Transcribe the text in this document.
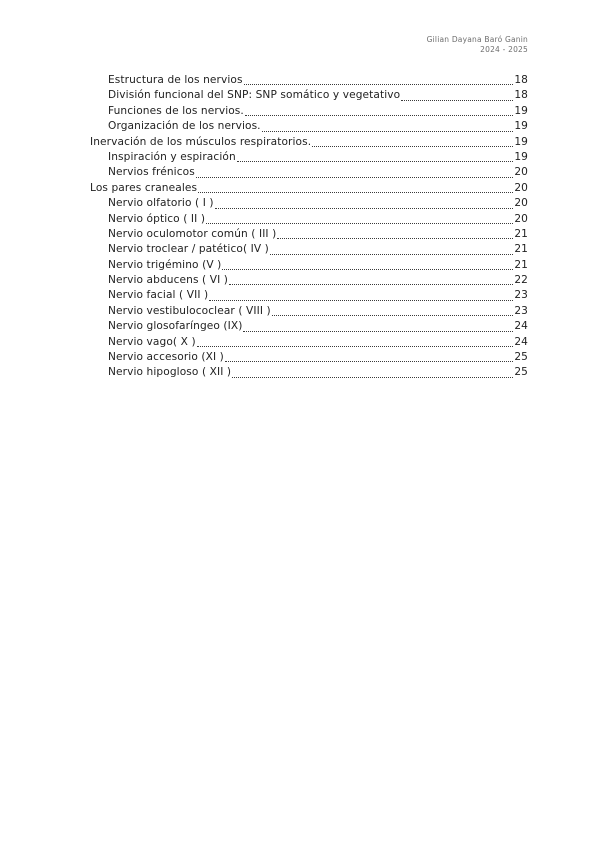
Gilian Dayana Baró Ganin
2024 - 2025
Estructura de los nervios	18
División funcional del SNP: SNP somático y vegetativo	18
Funciones de los nervios.	19
Organización de los nervios.	19
Inervación de los músculos respiratorios.	19
Inspiración y espiración	19
Nervios frénicos	20
Los pares craneales	20
Nervio olfatorio ( I )	20
Nervio óptico ( II )	20
Nervio oculomotor común ( III )	21
Nervio troclear / patético( IV )	21
Nervio trigémino (V )	21
Nervio abducens ( VI )	22
Nervio facial ( VII )	23
Nervio vestibulococlear ( VIII )	23
Nervio glosofaríngeo (IX)	24
Nervio vago( X )	24
Nervio accesorio (XI )	25
Nervio hipogloso ( XII )	25
